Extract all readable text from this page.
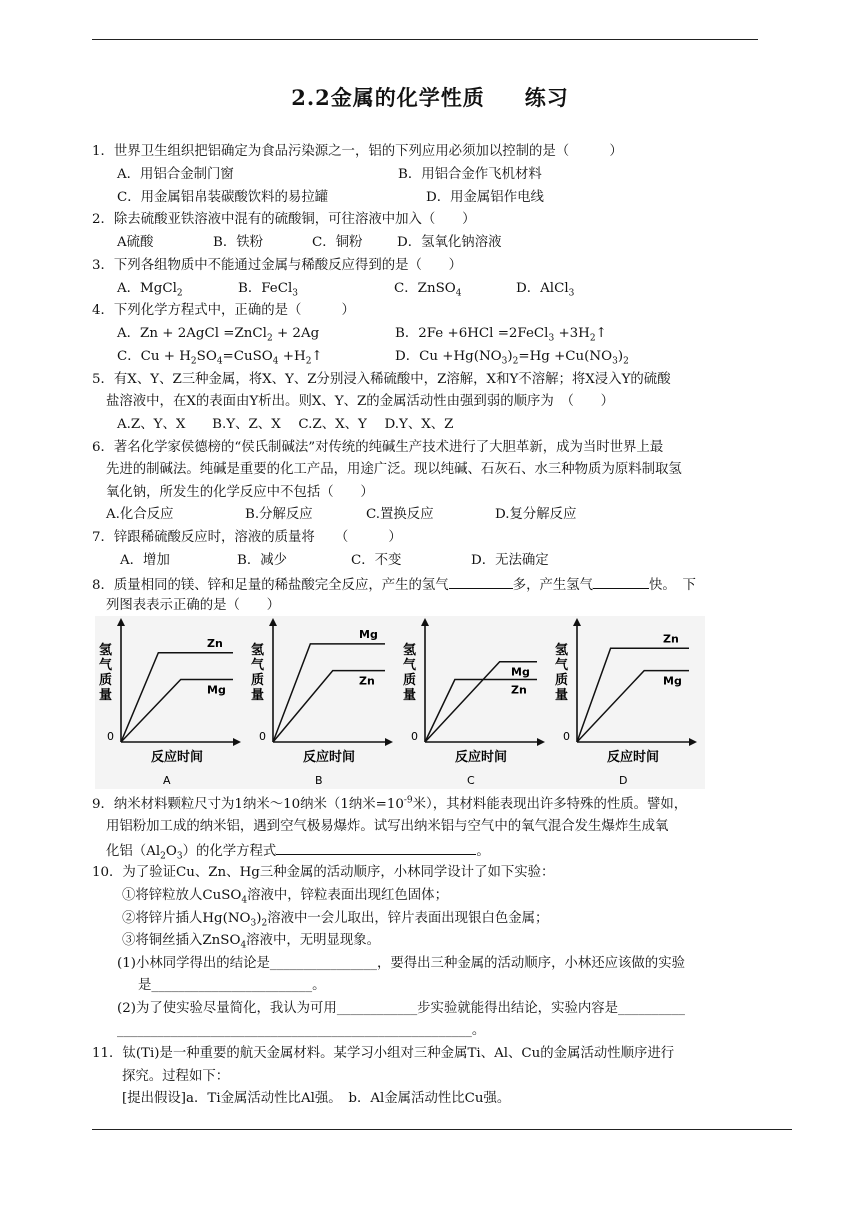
2.2金属的化学性质 练习
1．世界卫生组织把铝确定为食品污染源之一，铝的下列应用必须加以控制的是（　　　）
A．用铝合金制门窗	B．用铝合金作飞机材料
C．用金属铝帛装碳酸饮料的易拉罐	D．用金属铝作电线
2．除去硫酸亚铁溶液中混有的硫酸铜，可往溶液中加入（　　）
A硫酸	B．铁粉	C．铜粉	D．氢氧化钠溶液
3．下列各组物质中不能通过金属与稀酸反应得到的是（　　）
A．MgCl$_2$	B．FeCl$_3$	C．ZnSO$_4$	D．AlCl$_3$
4．下列化学方程式中，正确的是（　　　）
A．Zn + 2AgCl =ZnCl$_2$ + 2Ag	B．2Fe +6HCl =2FeCl$_3$ $+3H_2↑$
C．$Cu + H_2SO_4=CuSO_4$ $+H_2↑$	D．$Cu +Hg(NO_3)_2=Hg +Cu(NO_3)_2$
5．有X、Y、Z三种金属，将X、Y、Z分别浸入稀硫酸中，Z溶解，X和Y不溶解；将X浸入Y的硫酸
盐溶液中，在X的表面由Y析出。则X、Y、Z的金属活动性由强到弱的顺序为　（　　）
A.Z、Y、X　　B.Y、Z、X　 C.Z、X、Y　 D.Y、X、Z
6．著名化学家侯德榜的“侯氏制碱法”对传统的纯碱生产技术进行了大胆革新，成为当时世界上最
先进的制碱法。纯碱是重要的化工产品，用途广泛。现以纯碱、石灰石、水三种物质为原料制取氢
氧化钠，所发生的化学反应中不包括（　　）
A.化合反应	B.分解反应	C.置换反应	D.复分解反应
7．锌跟稀硫酸反应时，溶液的质量将　　（　　　）
A．增加	B．减少	C．不变	D．无法确定
8．质量相同的镁、锌和足量的稀盐酸完全反应，产生的氢气	多，产生氢气	快。　下
列图表表示正确的是（　　）
0
氢
气
质
量
反应时间
Zn
Mg
A
0
氢
气
质
量
反应时间
Mg
Zn
B
0
氢
气
质
量
反应时间
Mg
Zn
C
0
氢
气
质
量
反应时间
Zn
Mg
D
9．纳米材料颗粒尺寸为1纳米～10纳米（1纳米$=10^{-9}$米），其材料能表现出许多特殊的性质。譬如，
用铝粉加工成的纳米铝，遇到空气极易爆炸。试写出纳米铝与空气中的氧气混合发生爆炸生成氧
化铝$(Al_2O_3)$的化学方程式	。
10．为了验证Cu、Zn、Hg三种金属的活动顺序，小林同学设计了如下实验：
①将锌粒放人CuSO$_4$溶液中，锌粒表面出现红色固体；
②将锌片插人$Hg(NO_3)_2$溶液中一会儿取出，锌片表面出现银白色金属；
③将铜丝插入ZnSO$_4$溶液中，无明显现象。
(1)小林同学得出的结论是________________，要得出三种金属的活动顺序，小林还应该做的实验
是________________________。
(2)为了使实验尽量简化，我认为可用____________步实验就能得出结论，实验内容是__________
_____________________________________________________。
11．钛(Ti)是一种重要的航天金属材料。某学习小组对三种金属Ti、Al、Cu的金属活动性顺序进行
探究。过程如下：
[提出假设]a．Ti金属活动性比Al强。　b．Al金属活动性比Cu强。
